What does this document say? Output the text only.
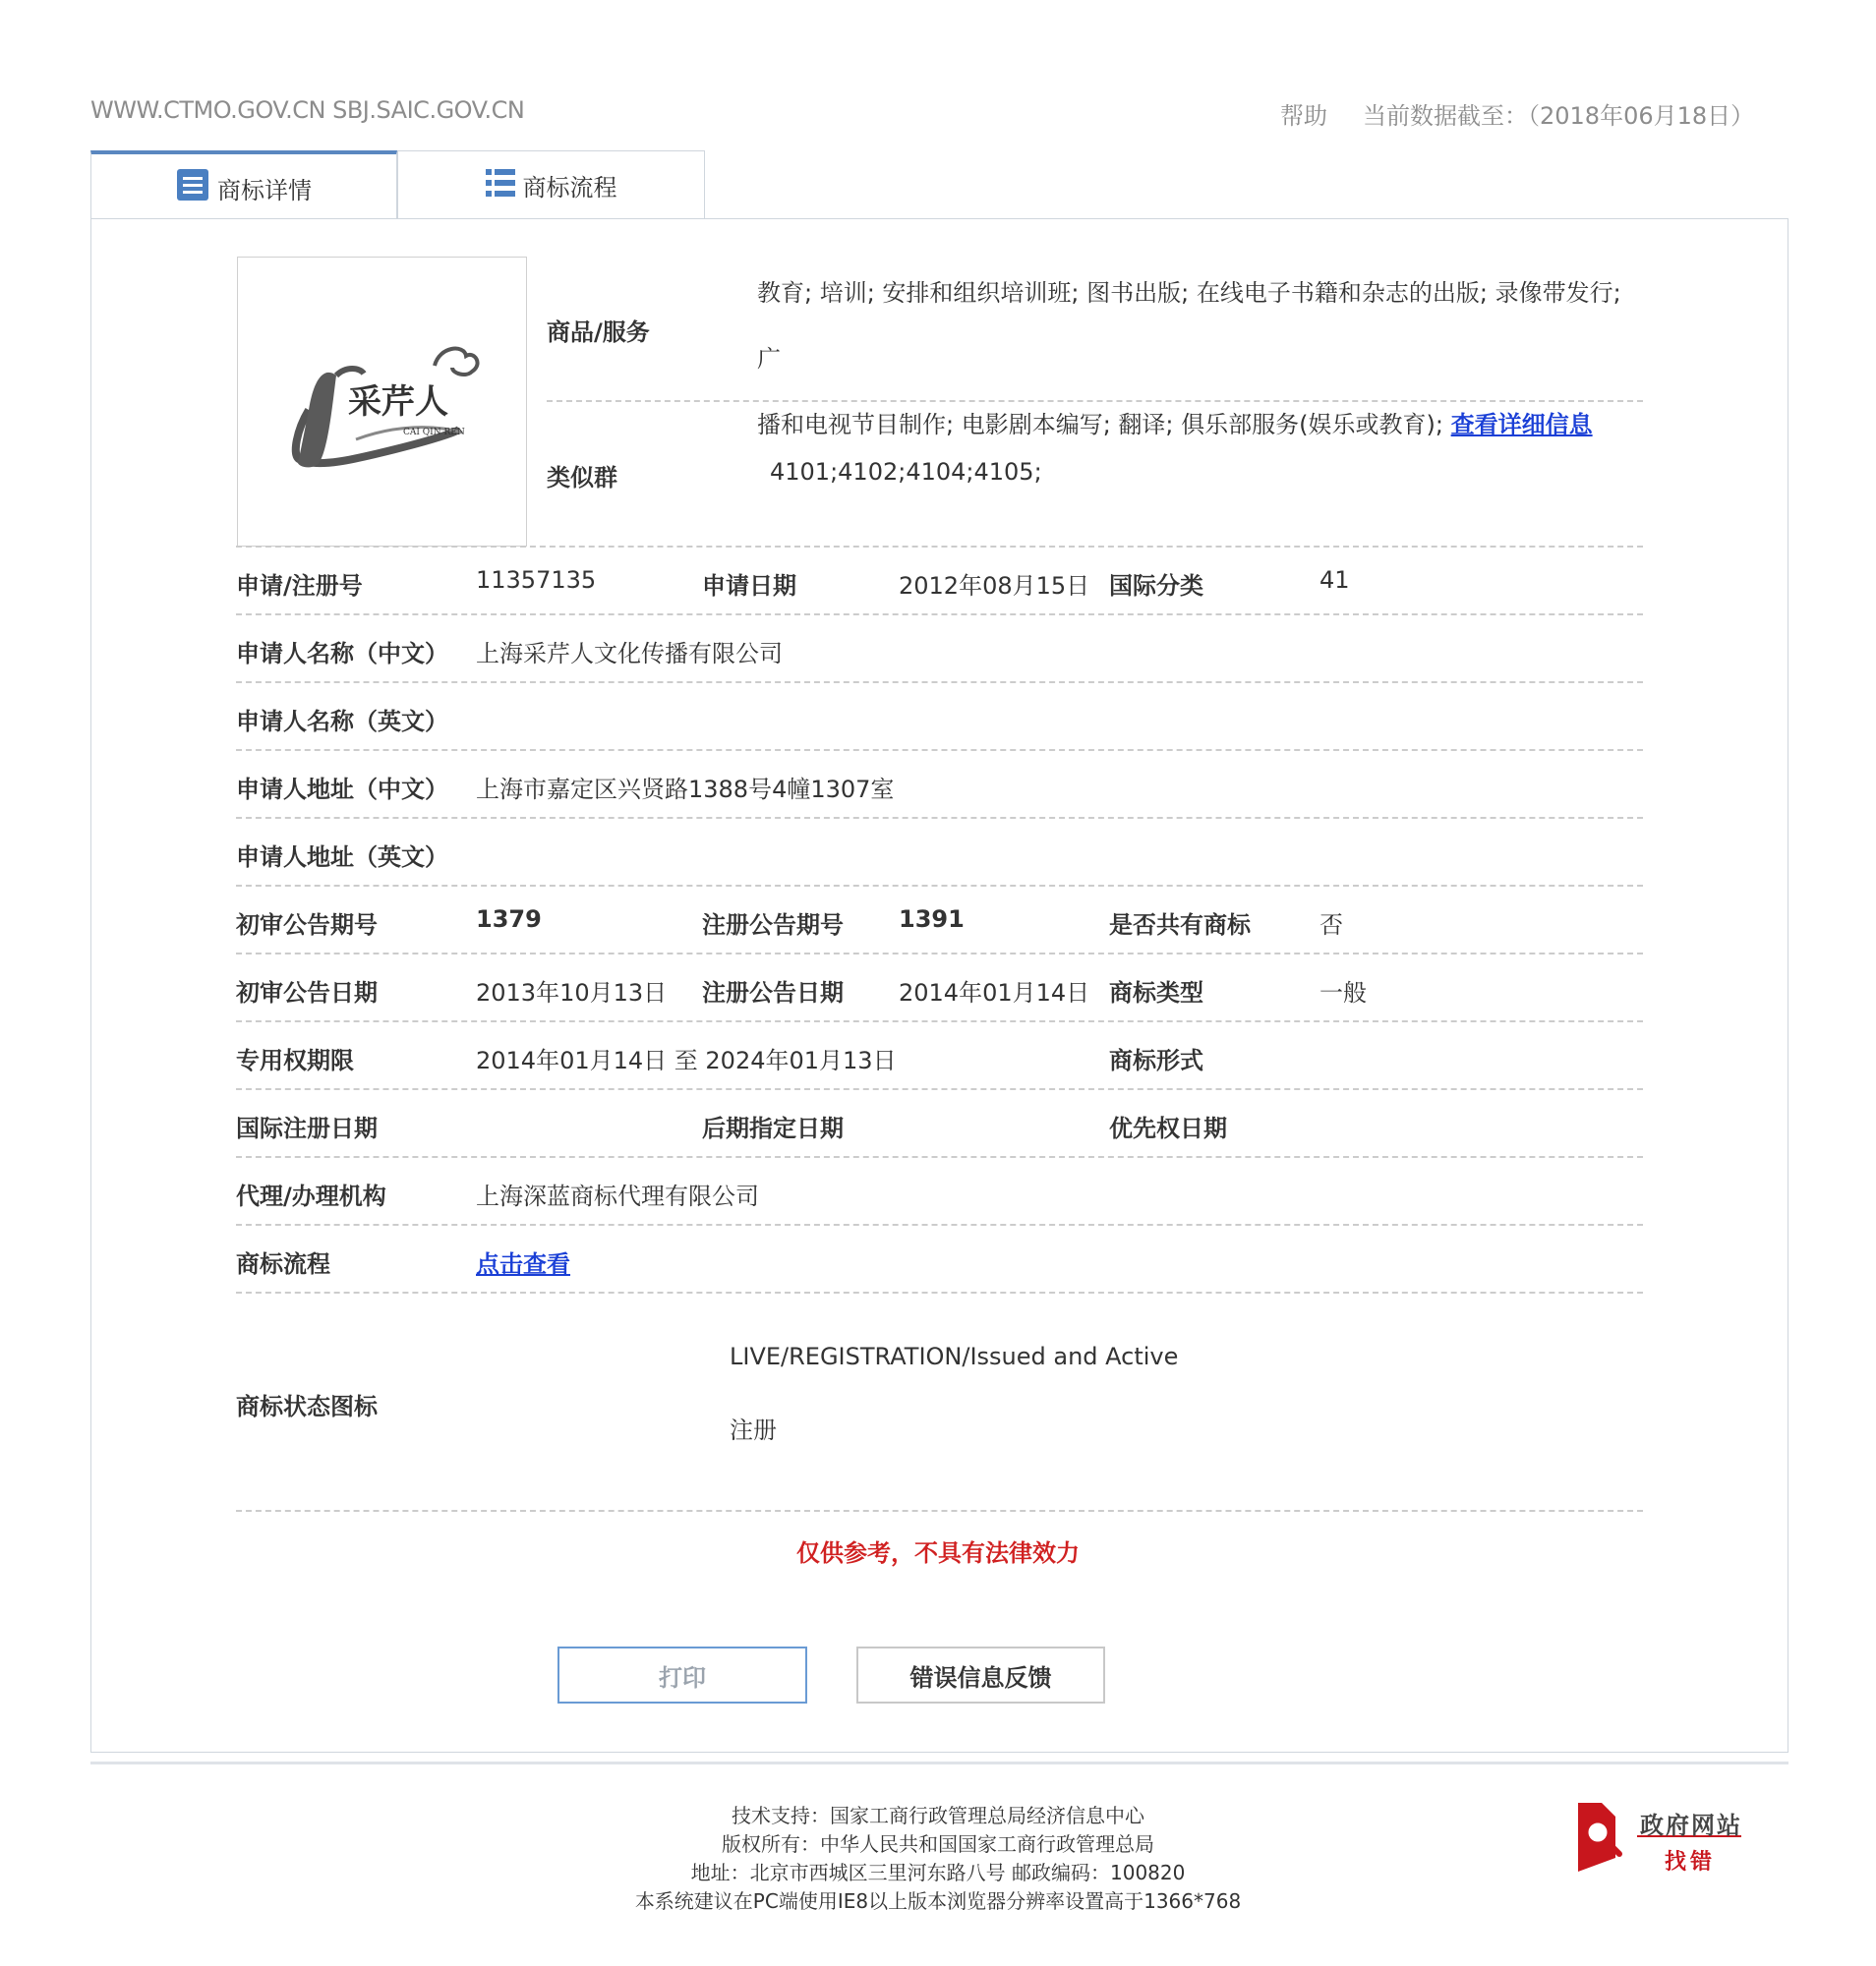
WWW.CTMO.GOV.CN SBJ.SAIC.GOV.CN	帮助 当前数据截至：（2018年06月18日）
商标详情	商标流程
采芹人
CAI QIN REN
商品/服务
教育; 培训; 安排和组织培训班; 图书出版; 在线电子书籍和杂志的出版; 录像带发行; 广
播和电视节目制作; 电影剧本编写; 翻译; 俱乐部服务(娱乐或教育); 查看详细信息
类似群	4101;4102;4104;4105;
申请/注册号	11357135	申请日期	2012年08月15日 国际分类	41
申请人名称（中文） 上海采芹人文化传播有限公司
申请人名称（英文）
申请人地址（中文） 上海市嘉定区兴贤路1388号4幢1307室
申请人地址（英文）
初审公告期号	1379	注册公告期号 1391	是否共有商标	否
初审公告日期	2013年10月13日 注册公告日期 2014年01月14日 商标类型	一般
专用权期限	2014年01月14日 至 2024年01月13日	商标形式
国际注册日期	后期指定日期	优先权日期
代理/办理机构	上海深蓝商标代理有限公司
商标流程	点击查看
商标状态图标
LIVE/REGISTRATION/Issued and Active
注册
仅供参考，不具有法律效力
打印	错误信息反馈
技术支持：国家工商行政管理总局经济信息中心
版权所有：中华人民共和国国家工商行政管理总局
地址：北京市西城区三里河东路八号 邮政编码：100820
本系统建议在PC端使用IE8以上版本浏览器分辨率设置高于1366*768
政府网站
找错
